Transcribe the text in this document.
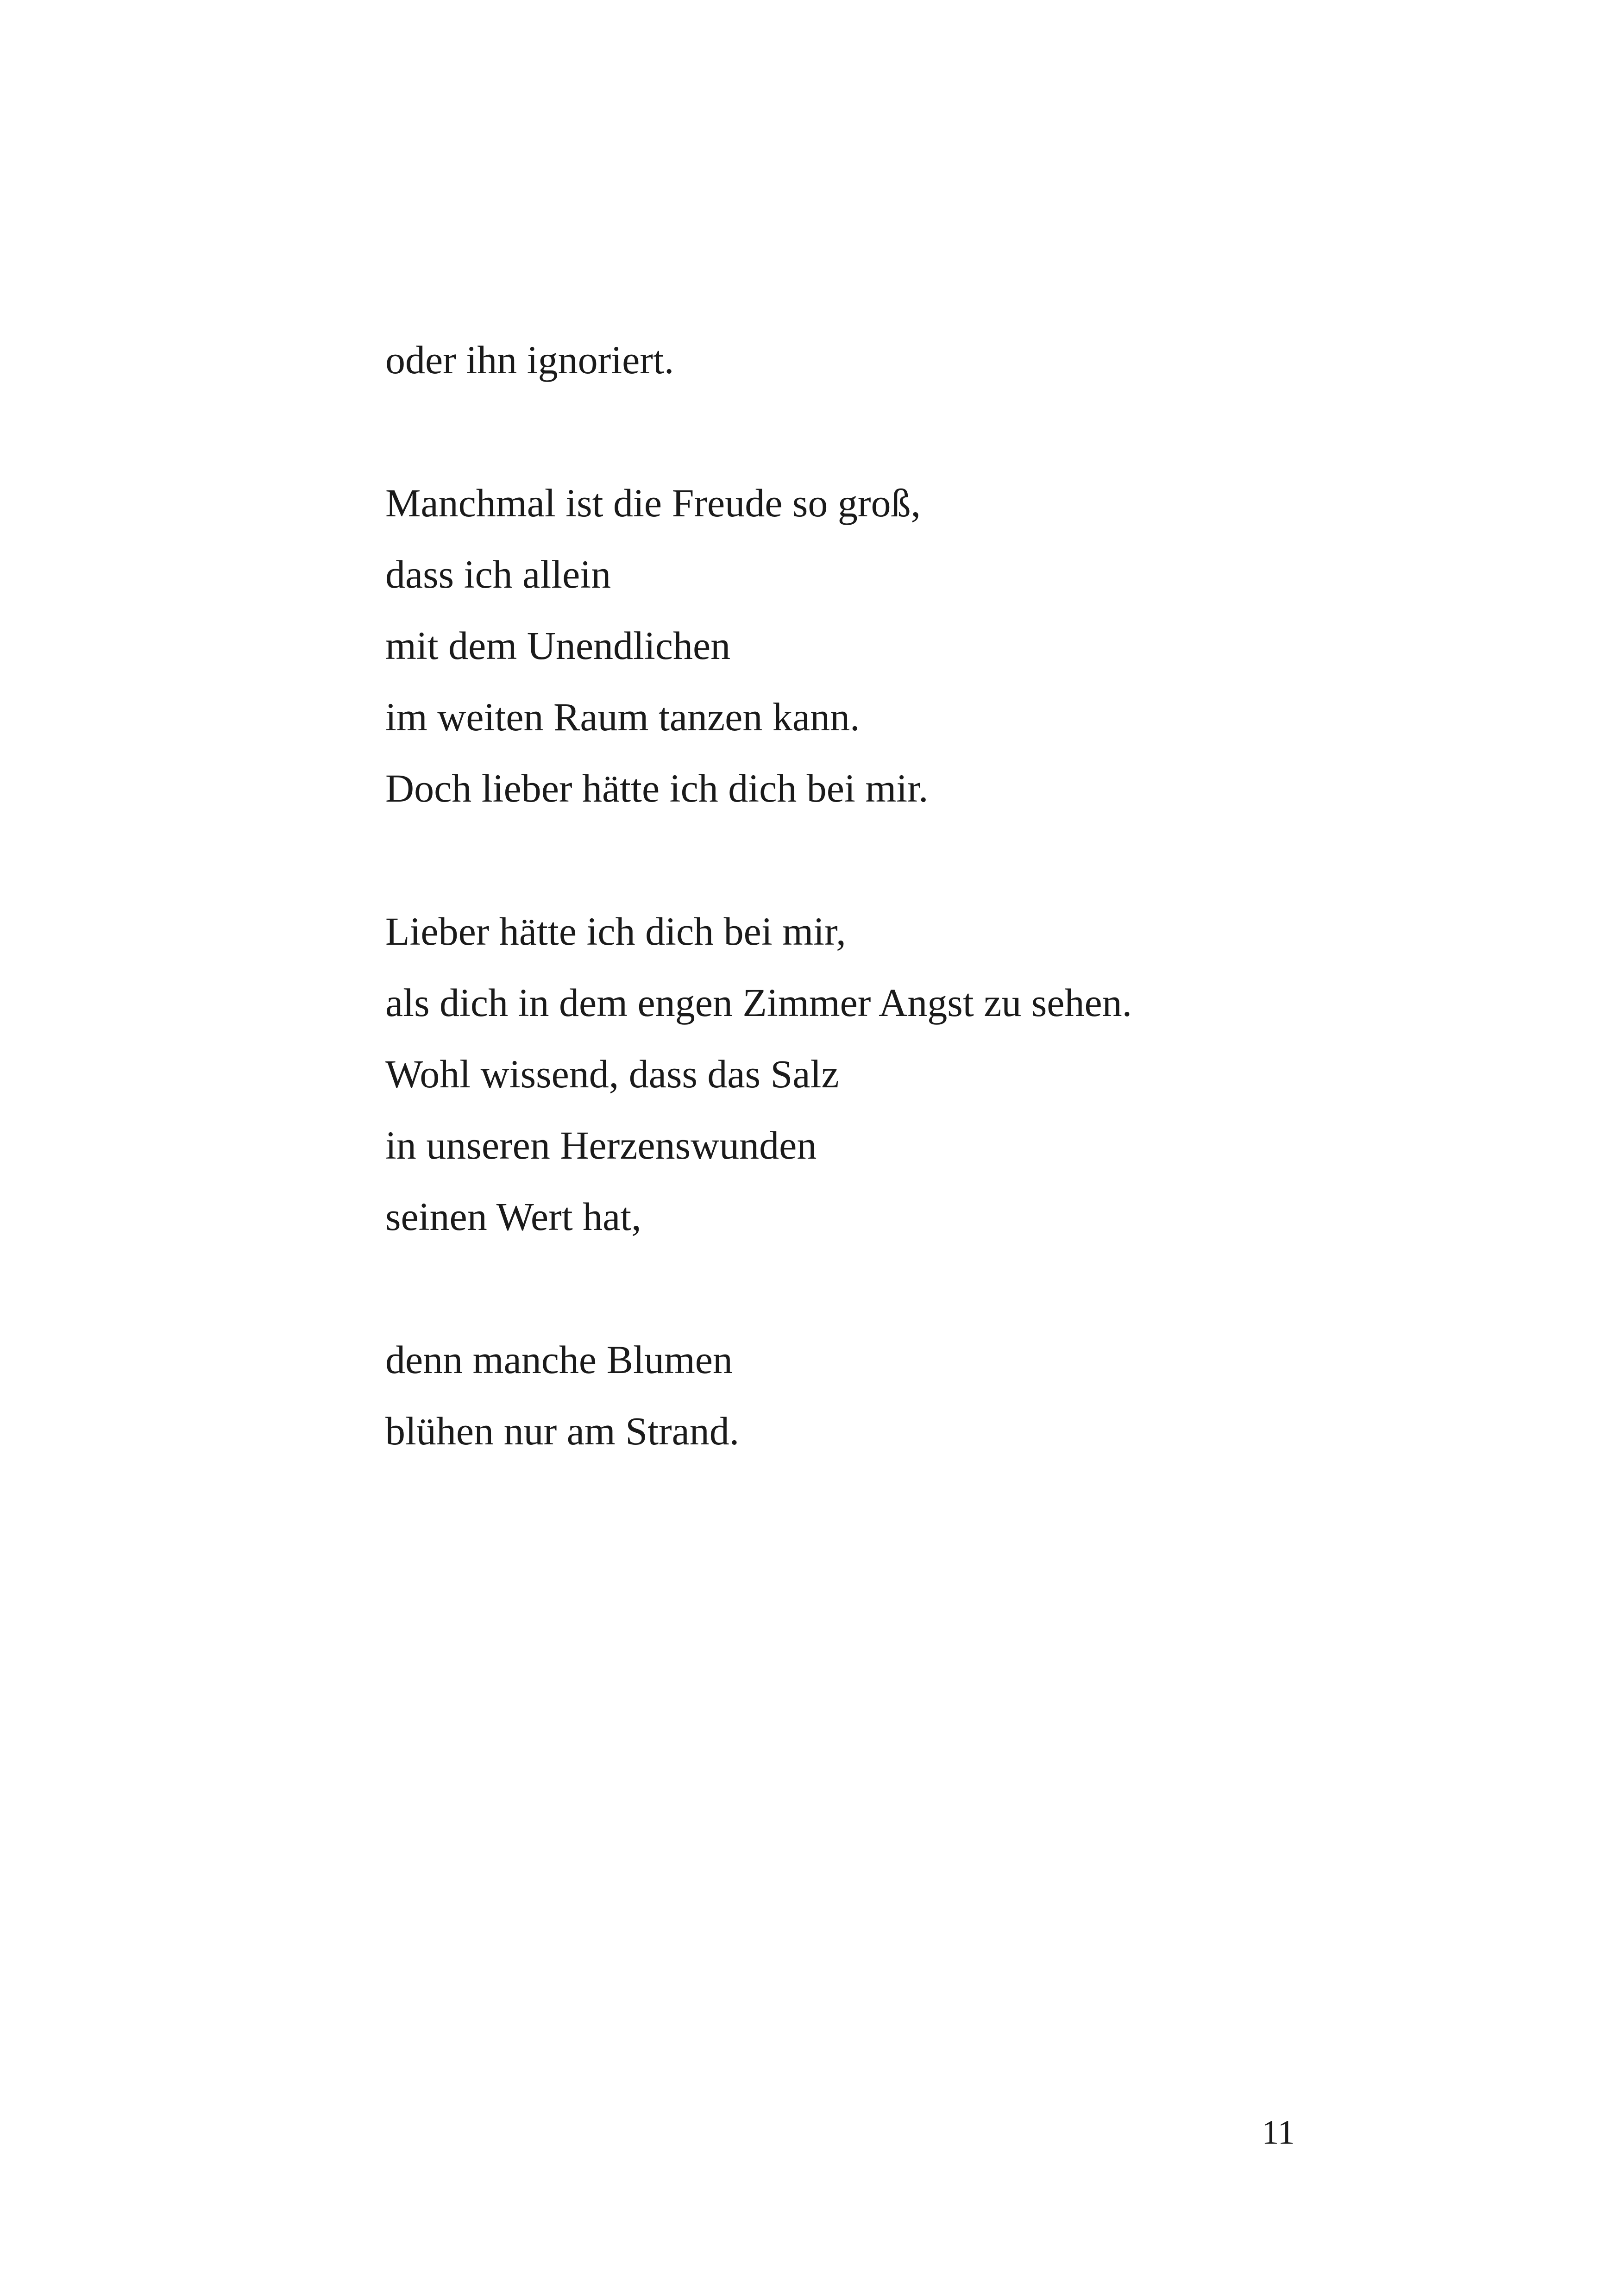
oder ihn ignoriert.
Manchmal ist die Freude so groß,
dass ich allein
mit dem Unendlichen
im weiten Raum tanzen kann.
Doch lieber hätte ich dich bei mir.
Lieber hätte ich dich bei mir,
als dich in dem engen Zimmer Angst zu sehen.
Wohl wissend, dass das Salz
in unseren Herzenswunden
seinen Wert hat,
denn manche Blumen
blühen nur am Strand.
11
